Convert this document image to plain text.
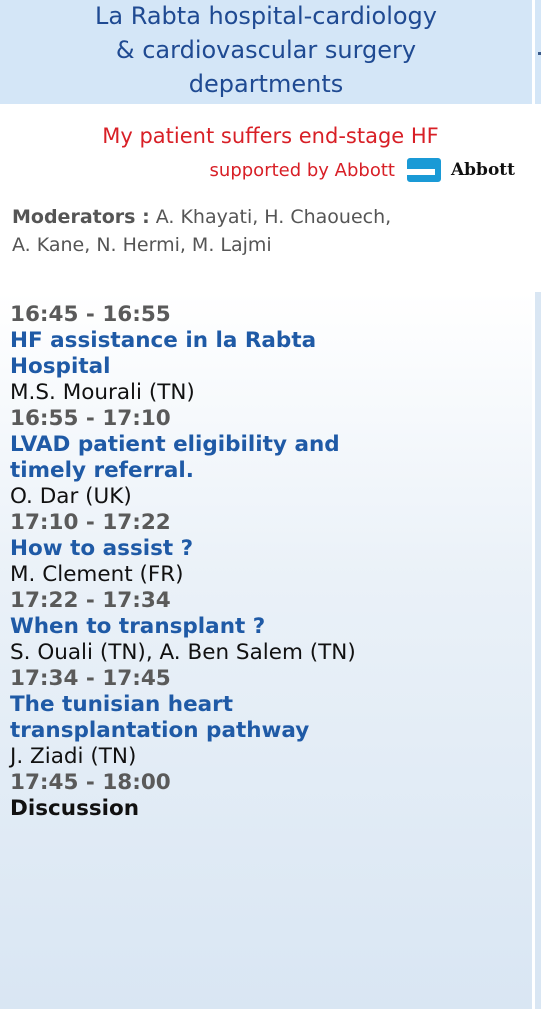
La Rabta hospital-cardiology
& cardiovascular surgery
departments
My patient suffers end-stage HF
supported by Abbott	Abbott
Moderators : A. Khayati, H. Chaouech,
A. Kane, N. Hermi, M. Lajmi
16:45 - 16:55
HF assistance in la Rabta
Hospital
M.S. Mourali (TN)
16:55 - 17:10
LVAD patient eligibility and
timely referral.
O. Dar (UK)
17:10 - 17:22
How to assist ?
M. Clement (FR)
17:22 - 17:34
When to transplant ?
S. Ouali (TN), A. Ben Salem (TN)
17:34 - 17:45
The tunisian heart
transplantation pathway
J. Ziadi (TN)
17:45 - 18:00
Discussion
